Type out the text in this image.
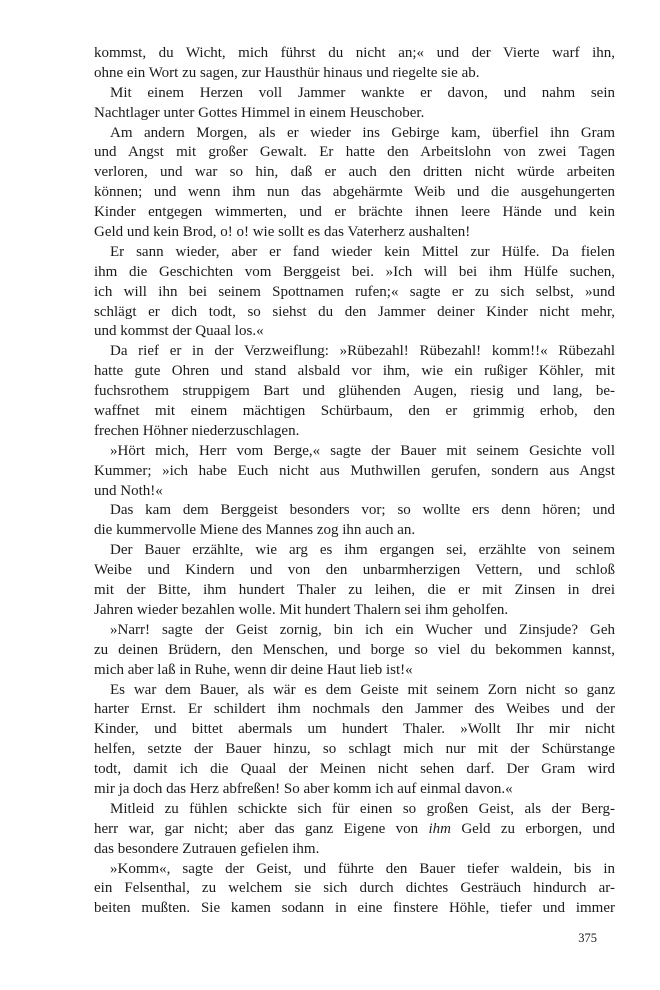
kommst, du Wicht, mich führst du nicht an;« und der Vierte warf ihn,
ohne ein Wort zu sagen, zur Hausthür hinaus und riegelte sie ab.
Mit einem Herzen voll Jammer wankte er davon, und nahm sein
Nachtlager unter Gottes Himmel in einem Heuschober.
Am andern Morgen, als er wieder ins Gebirge kam, überfiel ihn Gram
und Angst mit großer Gewalt. Er hatte den Arbeitslohn von zwei Tagen
verloren, und war so hin, daß er auch den dritten nicht würde arbeiten
können; und wenn ihm nun das abgehärmte Weib und die ausgehungerten
Kinder entgegen wimmerten, und er brächte ihnen leere Hände und kein
Geld und kein Brod, o! o! wie sollt es das Vaterherz aushalten!
Er sann wieder, aber er fand wieder kein Mittel zur Hülfe. Da fielen
ihm die Geschichten vom Berggeist bei. »Ich will bei ihm Hülfe suchen,
ich will ihn bei seinem Spottnamen rufen;« sagte er zu sich selbst, »und
schlägt er dich todt, so siehst du den Jammer deiner Kinder nicht mehr,
und kommst der Quaal los.«
Da rief er in der Verzweiflung: »Rübezahl! Rübezahl! komm!!« Rübezahl
hatte gute Ohren und stand alsbald vor ihm, wie ein rußiger Köhler, mit
fuchsrothem struppigem Bart und glühenden Augen, riesig und lang, be-
waffnet mit einem mächtigen Schürbaum, den er grimmig erhob, den
frechen Höhner niederzuschlagen.
»Hört mich, Herr vom Berge,« sagte der Bauer mit seinem Gesichte voll
Kummer; »ich habe Euch nicht aus Muthwillen gerufen, sondern aus Angst
und Noth!«
Das kam dem Berggeist besonders vor; so wollte ers denn hören; und
die kummervolle Miene des Mannes zog ihn auch an.
Der Bauer erzählte, wie arg es ihm ergangen sei, erzählte von seinem
Weibe und Kindern und von den unbarmherzigen Vettern, und schloß
mit der Bitte, ihm hundert Thaler zu leihen, die er mit Zinsen in drei
Jahren wieder bezahlen wolle. Mit hundert Thalern sei ihm geholfen.
»Narr! sagte der Geist zornig, bin ich ein Wucher und Zinsjude? Geh
zu deinen Brüdern, den Menschen, und borge so viel du bekommen kannst,
mich aber laß in Ruhe, wenn dir deine Haut lieb ist!«
Es war dem Bauer, als wär es dem Geiste mit seinem Zorn nicht so ganz
harter Ernst. Er schildert ihm nochmals den Jammer des Weibes und der
Kinder, und bittet abermals um hundert Thaler. »Wollt Ihr mir nicht
helfen, setzte der Bauer hinzu, so schlagt mich nur mit der Schürstange
todt, damit ich die Quaal der Meinen nicht sehen darf. Der Gram wird
mir ja doch das Herz abfreßen! So aber komm ich auf einmal davon.«
Mitleid zu fühlen schickte sich für einen so großen Geist, als der Berg-
herr war, gar nicht; aber das ganz Eigene von ihm Geld zu erborgen, und
das besondere Zutrauen gefielen ihm.
»Komm«, sagte der Geist, und führte den Bauer tiefer waldein, bis in
ein Felsenthal, zu welchem sie sich durch dichtes Gesträuch hindurch ar-
beiten mußten. Sie kamen sodann in eine finstere Höhle, tiefer und immer
375
